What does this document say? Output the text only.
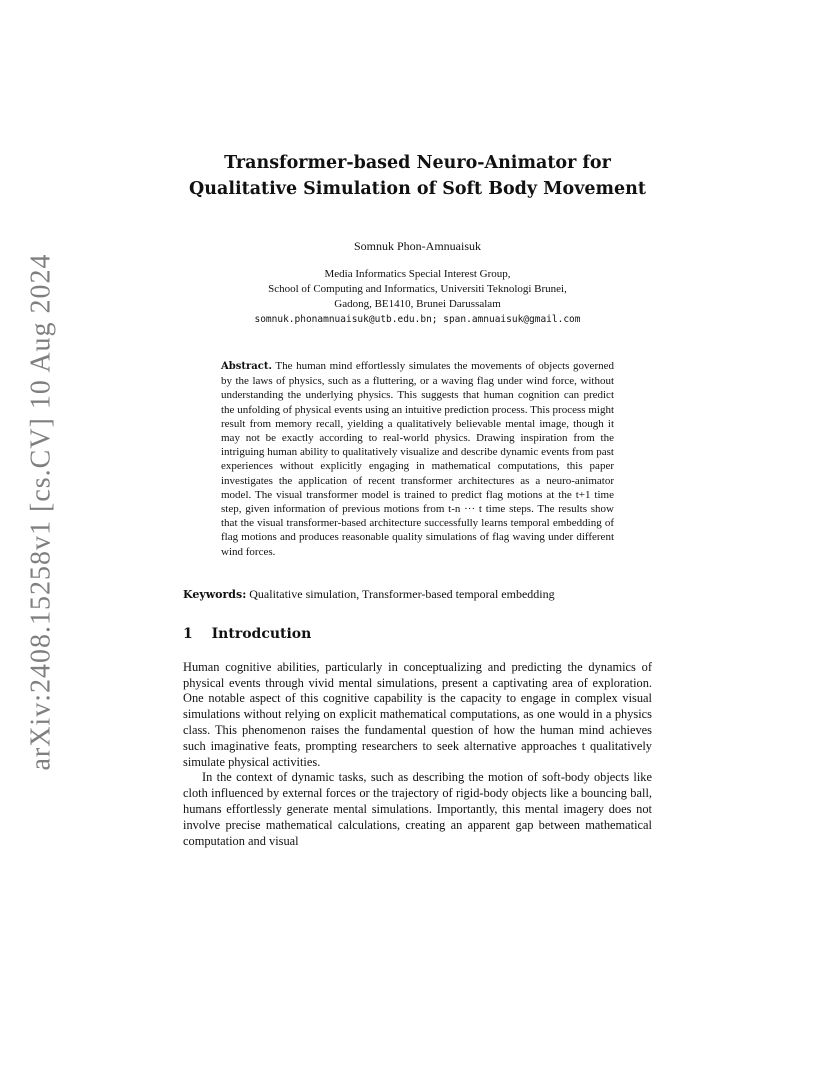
arXiv:2408.15258v1 [cs.CV] 10 Aug 2024
Transformer-based Neuro-Animator for
Qualitative Simulation of Soft Body Movement
Somnuk Phon-Amnuaisuk
Media Informatics Special Interest Group,
School of Computing and Informatics, Universiti Teknologi Brunei,
Gadong, BE1410, Brunei Darussalam
somnuk.phonamnuaisuk@utb.edu.bn; span.amnuaisuk@gmail.com

Abstract. The human mind effortlessly simulates the movements of objects governed by the laws of physics, such as a fluttering, or a waving flag under wind force, without understanding the underlying physics. This suggests that human cognition can predict the unfolding of physical events using an intuitive prediction process. This process might result from memory recall, yielding a qualitatively believable mental image, though it may not be exactly according to real-world physics. Drawing inspiration from the intriguing human ability to qualitatively visualize and describe dynamic events from past experiences without explicitly engaging in mathematical computations, this paper investigates the application of recent transformer architectures as a neuro-animator model. The visual transformer model is trained to predict flag motions at the t+1 time step, given information of previous motions from t-n ··· t time steps. The results show that the visual transformer-based architecture successfully learns temporal embedding of flag motions and produces reasonable quality simulations of flag waving under different wind forces.

Keywords: Qualitative simulation, Transformer-based temporal embedding
1 Introdcution

Human cognitive abilities, particularly in conceptualizing and predicting the dynamics of physical events through vivid mental simulations, present a captivating area of exploration. One notable aspect of this cognitive capability is the capacity to engage in complex visual simulations without relying on explicit mathematical computations, as one would in a physics class. This phenomenon raises the fundamental question of how the human mind achieves such imaginative feats, prompting researchers to seek alternative approaches t qualitatively simulate physical activities.

In the context of dynamic tasks, such as describing the motion of soft-body objects like cloth influenced by external forces or the trajectory of rigid-body objects like a bouncing ball, humans effortlessly generate mental simulations. Importantly, this mental imagery does not involve precise mathematical calculations, creating an apparent gap between mathematical computation and visual
